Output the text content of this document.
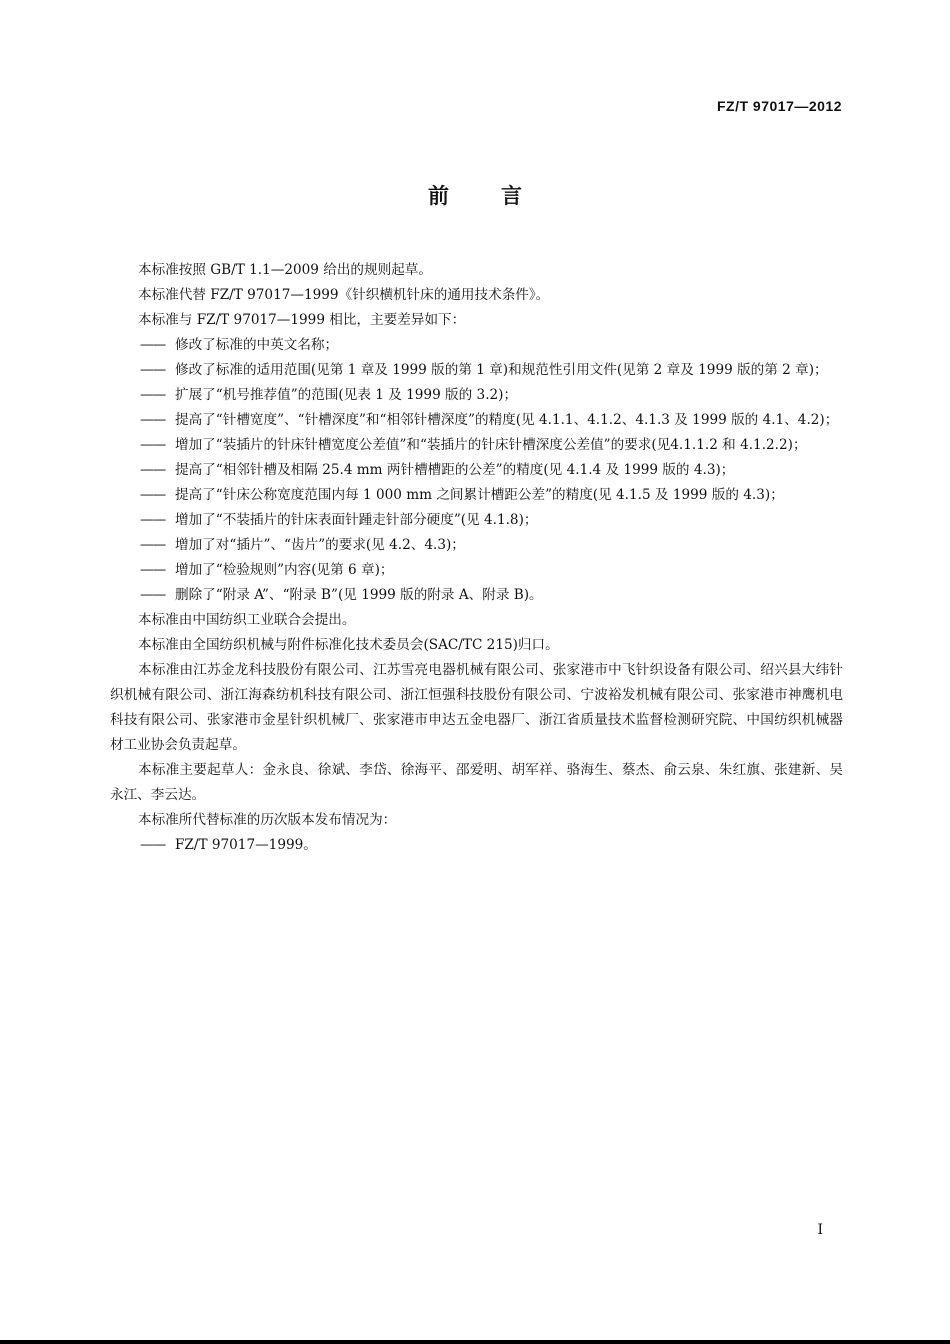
FZ/T 97017—2012
前言

本标准按照 GB/T 1.1—2009 给出的规则起草。

本标准代替 FZ/T 97017—1999《针织横机针床的通用技术条件》。

本标准与 FZ/T 97017—1999 相比，主要差异如下：

—— 修改了标准的中英文名称；

—— 修改了标准的适用范围(见第 1 章及 1999 版的第 1 章)和规范性引用文件(见第 2 章及 1999 版的第 2 章)；

—— 扩展了“机号推荐值”的范围(见表 1 及 1999 版的 3.2)；

—— 提高了“针槽宽度”、“针槽深度”和“相邻针槽深度”的精度(见 4.1.1、4.1.2、4.1.3 及 1999 版的 4.1、4.2)；

—— 增加了“装插片的针床针槽宽度公差值”和“装插片的针床针槽深度公差值”的要求(见4.1.1.2 和 4.1.2.2)；

—— 提高了“相邻针槽及相隔 25.4 mm 两针槽槽距的公差”的精度(见 4.1.4 及 1999 版的 4.3)；

—— 提高了“针床公称宽度范围内每 1 000 mm 之间累计槽距公差”的精度(见 4.1.5 及 1999 版的 4.3)；

—— 增加了“不装插片的针床表面针踵走针部分硬度”(见 4.1.8)；

—— 增加了对“插片”、“齿片”的要求(见 4.2、4.3)；

—— 增加了“检验规则”内容(见第 6 章)；

—— 删除了“附录 A”、“附录 B”(见 1999 版的附录 A、附录 B)。

本标准由中国纺织工业联合会提出。

本标准由全国纺织机械与附件标准化技术委员会(SAC/TC 215)归口。

本标准由江苏金龙科技股份有限公司、江苏雪亮电器机械有限公司、张家港市中飞针织设备有限公司、绍兴县大纬针织机械有限公司、浙江海森纺机科技有限公司、浙江恒强科技股份有限公司、宁波裕发机械有限公司、张家港市神鹰机电科技有限公司、张家港市金星针织机械厂、张家港市申达五金电器厂、浙江省质量技术监督检测研究院、中国纺织机械器材工业协会负责起草。

本标准主要起草人：金永良、徐斌、李岱、徐海平、邵爱明、胡军祥、骆海生、蔡杰、俞云泉、朱红旗、张建新、吴永江、李云达。

本标准所代替标准的历次版本发布情况为：

—— FZ/T 97017—1999。

I
